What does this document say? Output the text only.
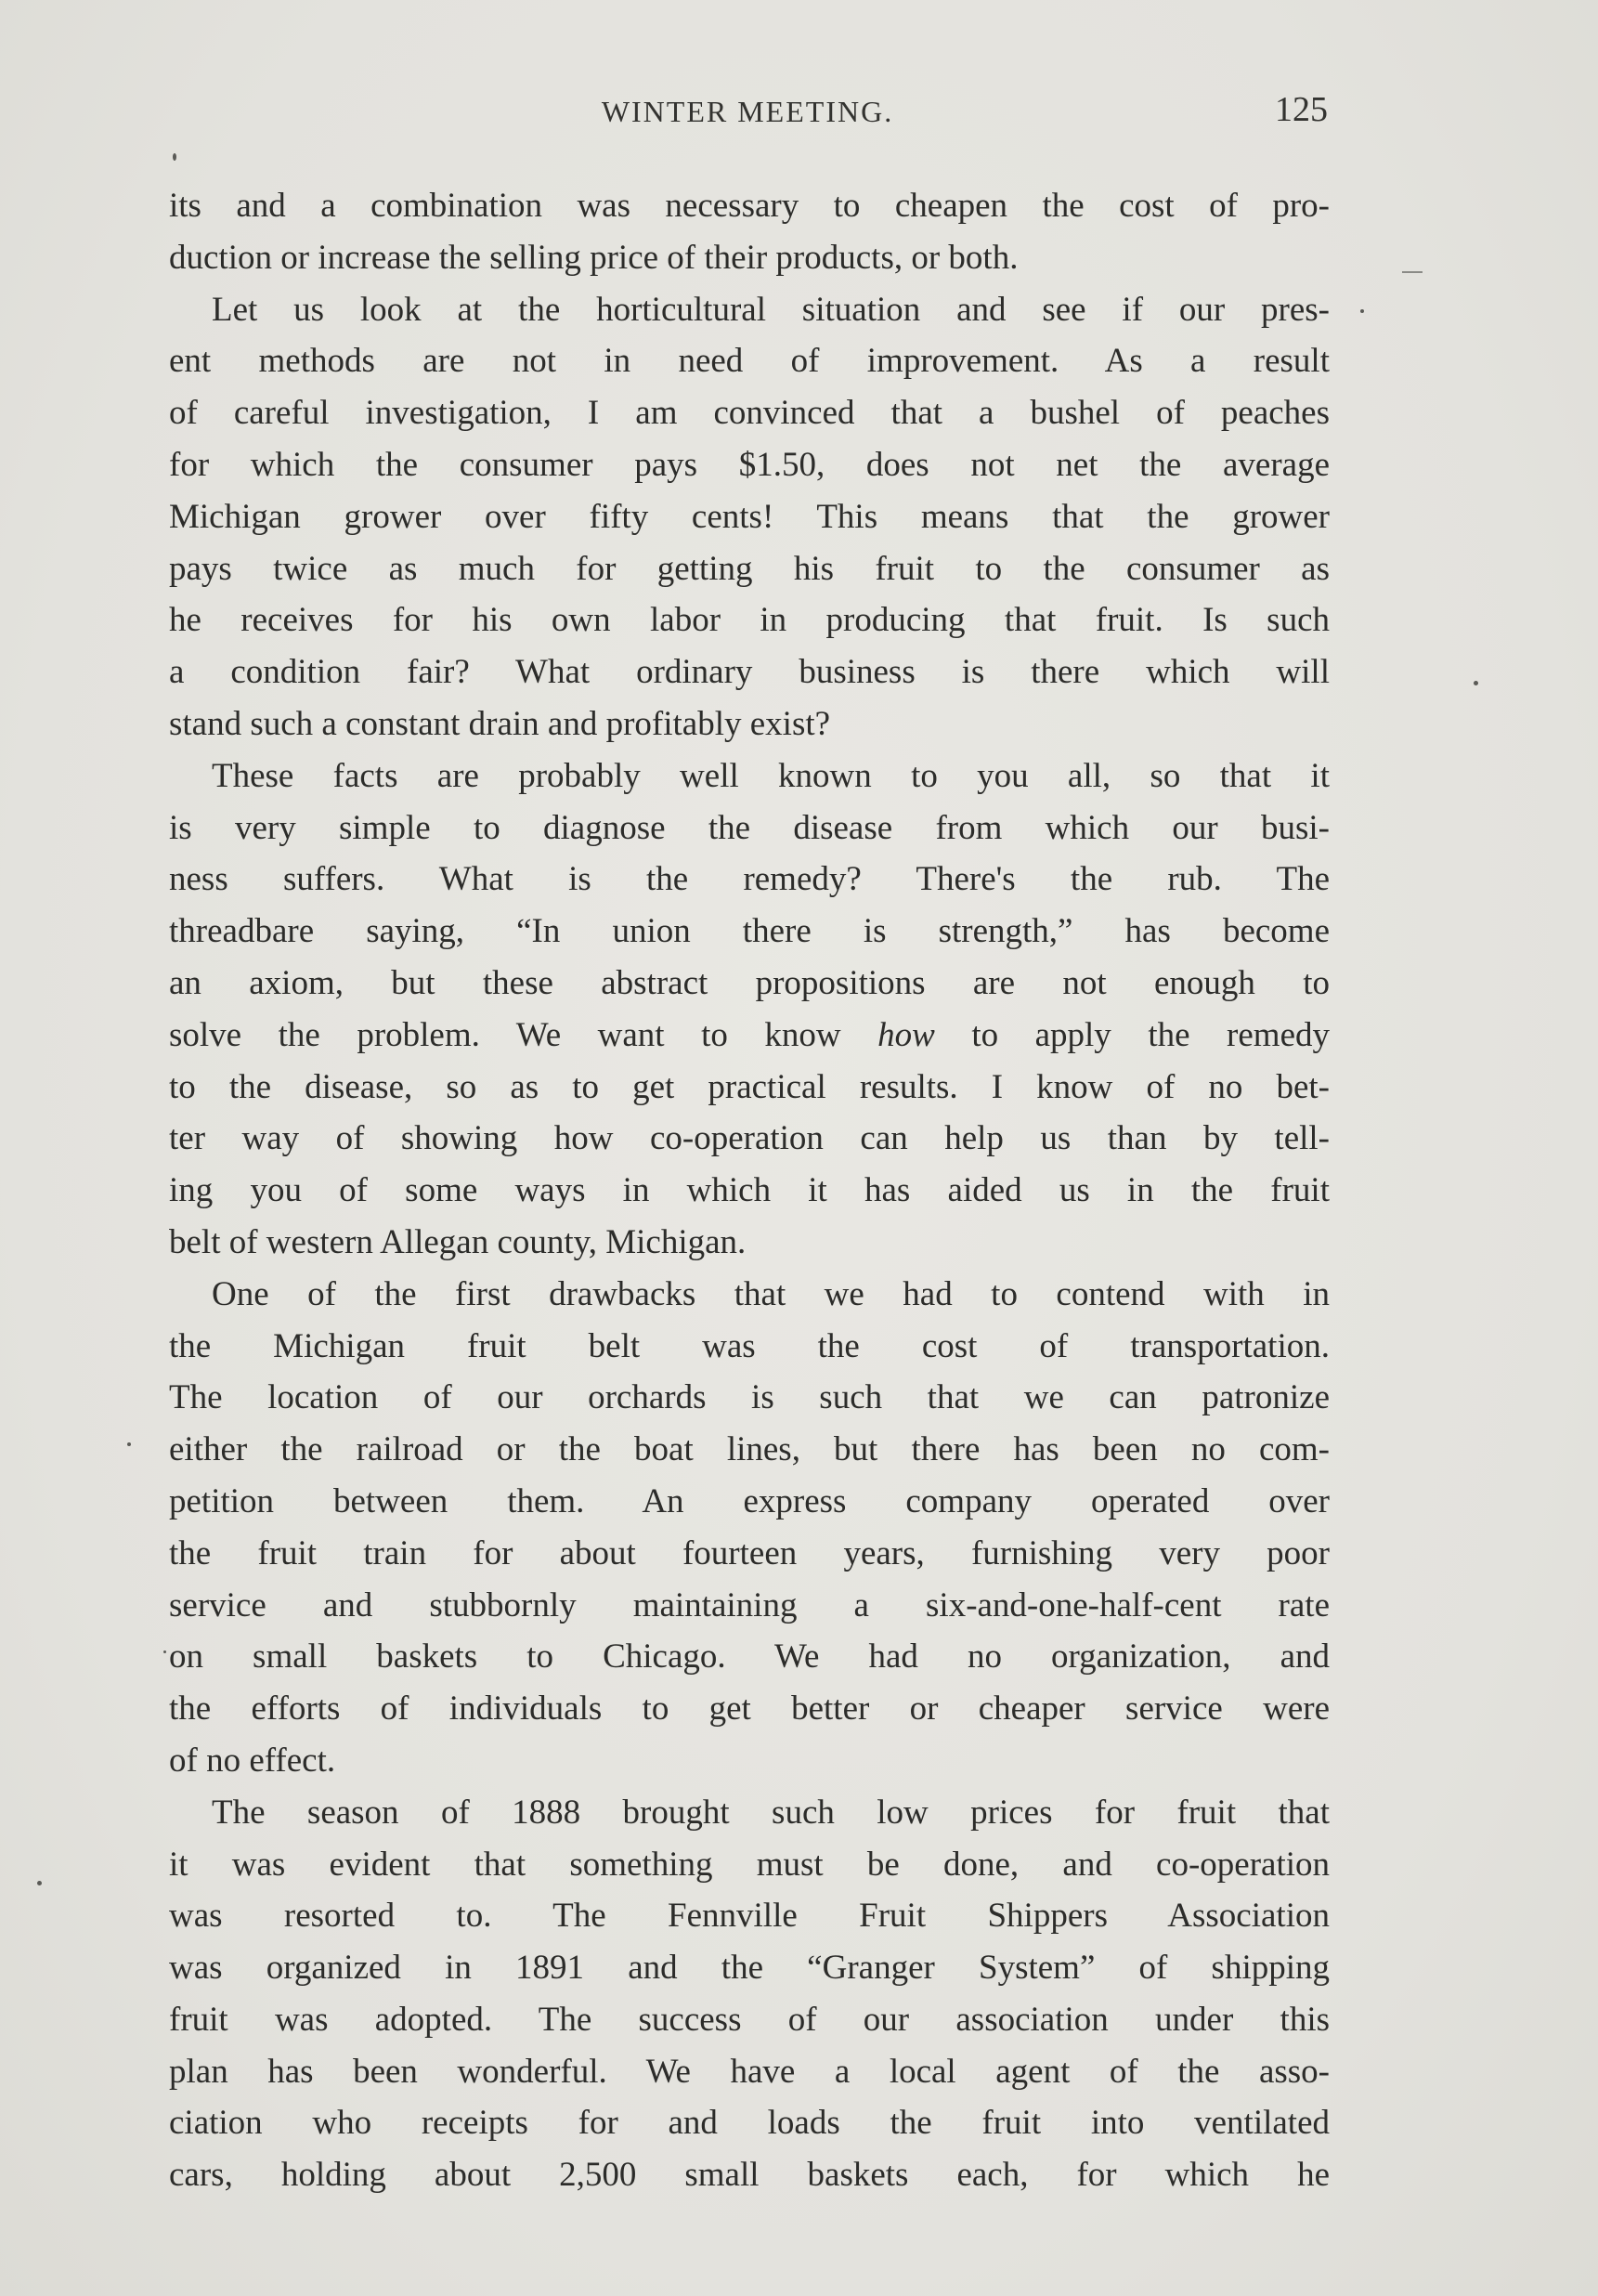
WINTER MEETING.	125
its and a combination was necessary to cheapen the cost of pro-
duction or increase the selling price of their products, or both.
Let us look at the horticultural situation and see if our pres-
ent methods are not in need of improvement. As a result
of careful investigation, I am convinced that a bushel of peaches
for which the consumer pays $1.50, does not net the average
Michigan grower over fifty cents! This means that the grower
pays twice as much for getting his fruit to the consumer as
he receives for his own labor in producing that fruit. Is such
a condition fair? What ordinary business is there which will
stand such a constant drain and profitably exist?
These facts are probably well known to you all, so that it
is very simple to diagnose the disease from which our busi-
ness suffers. What is the remedy? There's the rub. The
threadbare saying, “In union there is strength,” has become
an axiom, but these abstract propositions are not enough to
solve the problem. We want to know how to apply the remedy
to the disease, so as to get practical results. I know of no bet-
ter way of showing how co-operation can help us than by tell-
ing you of some ways in which it has aided us in the fruit
belt of western Allegan county, Michigan.
One of the first drawbacks that we had to contend with in
the Michigan fruit belt was the cost of transportation.
The location of our orchards is such that we can patronize
either the railroad or the boat lines, but there has been no com-
petition between them. An express company operated over
the fruit train for about fourteen years, furnishing very poor
service and stubbornly maintaining a six-and-one-half-cent rate
on small baskets to Chicago. We had no organization, and
the efforts of individuals to get better or cheaper service were
of no effect.
The season of 1888 brought such low prices for fruit that
it was evident that something must be done, and co-operation
was resorted to. The Fennville Fruit Shippers Association
was organized in 1891 and the “Granger System” of shipping
fruit was adopted. The success of our association under this
plan has been wonderful. We have a local agent of the asso-
ciation who receipts for and loads the fruit into ventilated
cars, holding about 2,500 small baskets each, for which he
